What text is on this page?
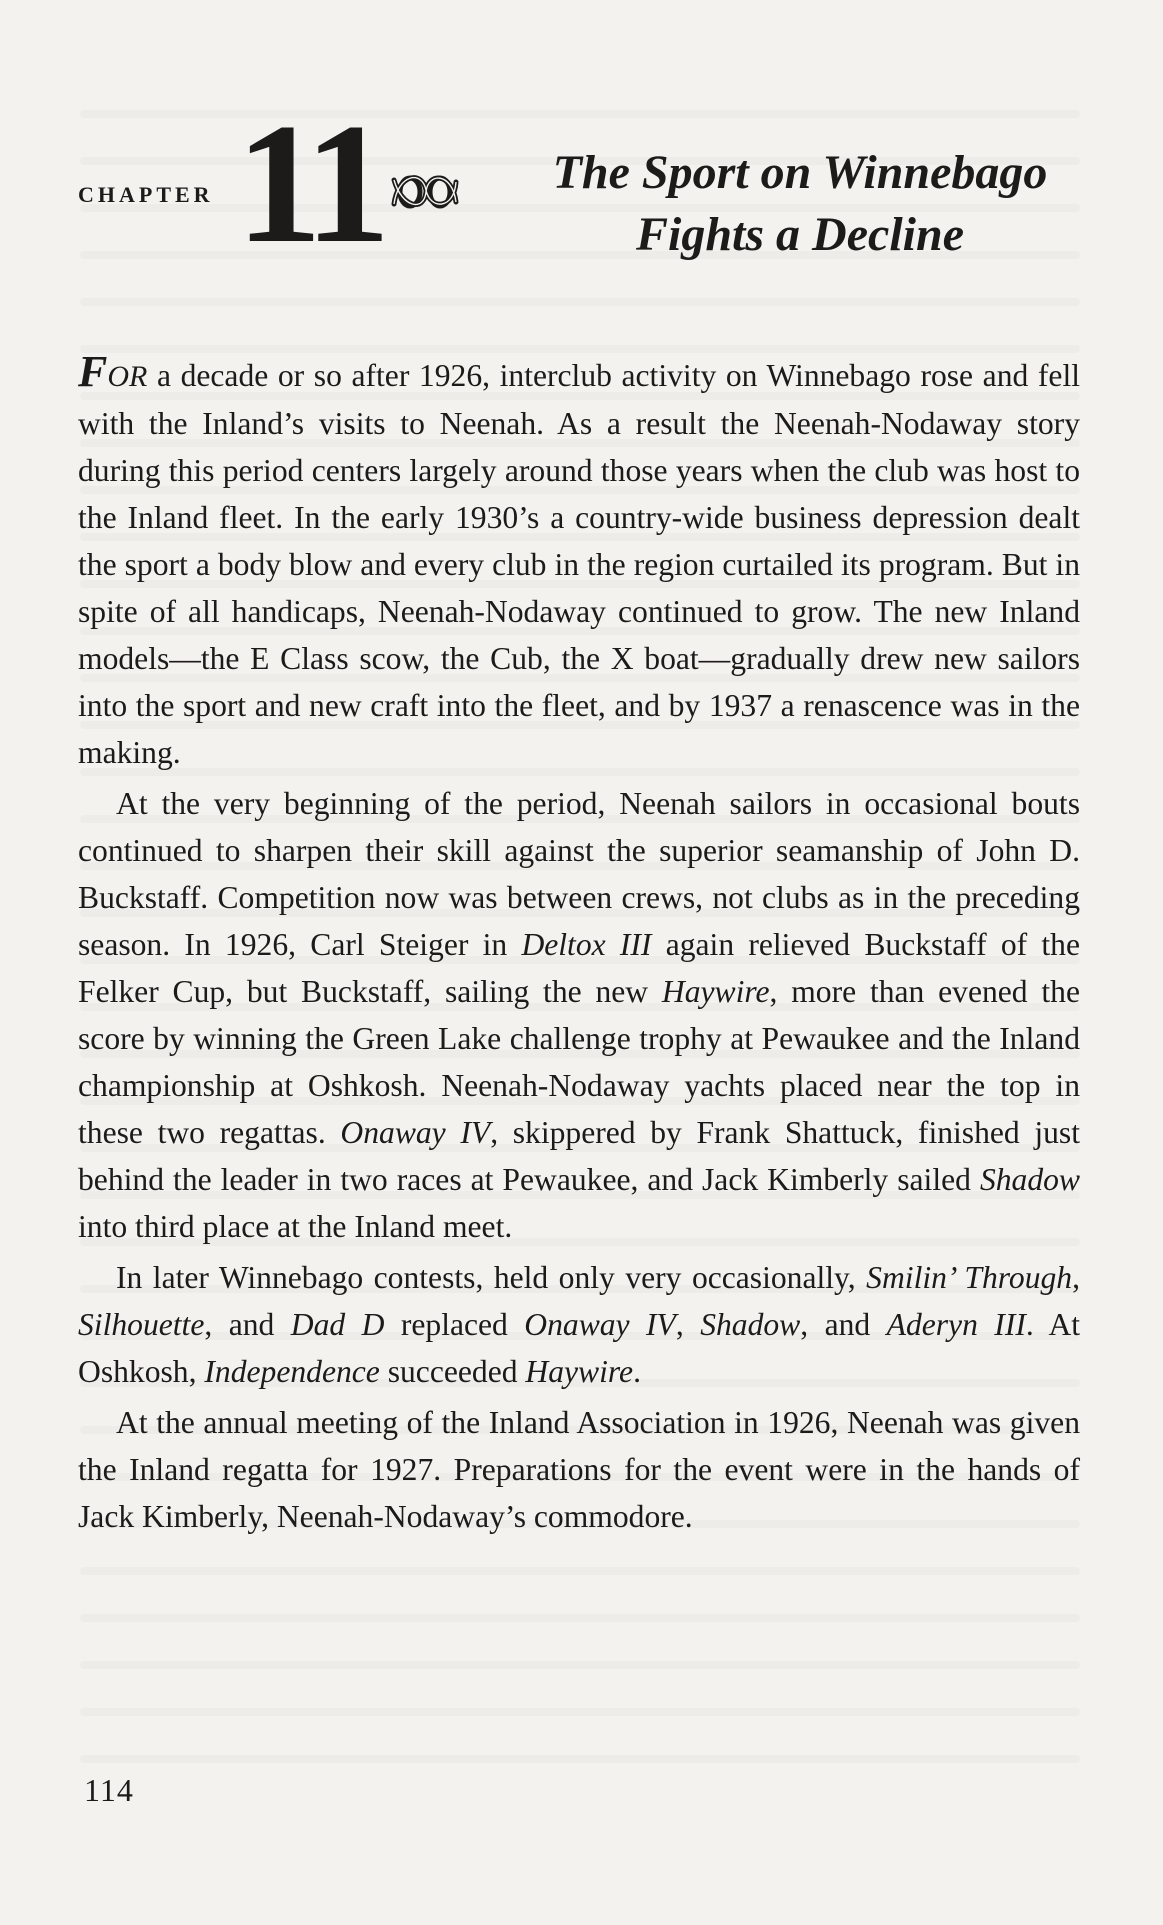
CHAPTER 11	The Sport on Winnebago
Fights a Decline

FOR a decade or so after 1926, interclub activity on Winnebago rose and fell with the Inland’s visits to Neenah. As a result the Neenah-Nodaway story during this period centers largely around those years when the club was host to the Inland fleet. In the early 1930’s a country-wide business depression dealt the sport a body blow and every club in the region curtailed its program. But in spite of all handicaps, Neenah-Nodaway continued to grow. The new Inland models—the E Class scow, the Cub, the X boat—gradually drew new sailors into the sport and new craft into the fleet, and by 1937 a renascence was in the making.

At the very beginning of the period, Neenah sailors in occasional bouts continued to sharpen their skill against the superior seamanship of John D. Buckstaff. Competition now was between crews, not clubs as in the preceding season. In 1926, Carl Steiger in Deltox III again relieved Buckstaff of the Felker Cup, but Buckstaff, sailing the new Haywire, more than evened the score by winning the Green Lake challenge trophy at Pewaukee and the Inland championship at Oshkosh. Neenah-Nodaway yachts placed near the top in these two regattas. Onaway IV, skippered by Frank Shattuck, finished just behind the leader in two races at Pewaukee, and Jack Kimberly sailed Shadow into third place at the Inland meet.

In later Winnebago contests, held only very occasionally, Smilin’ Through, Silhouette, and Dad D replaced Onaway IV, Shadow, and Aderyn III. At Oshkosh, Independence succeeded Haywire.

At the annual meeting of the Inland Association in 1926, Neenah was given the Inland regatta for 1927. Preparations for the event were in the hands of Jack Kimberly, Neenah-Nodaway’s commodore.

114
